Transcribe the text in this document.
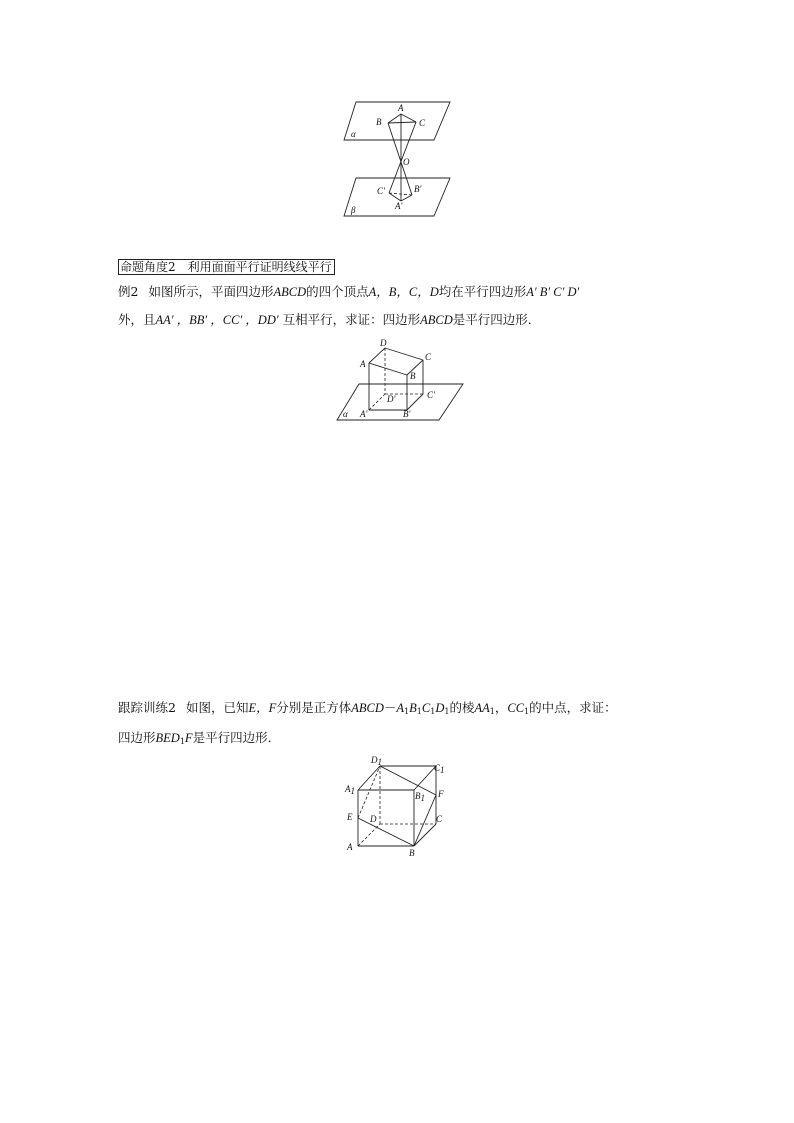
A
B	C
α
O
C′	B′
A′
β
命题角度2　利用面面平行证明线线平行
例2 如图所示，平面四边形ABCD的四个顶点A，B，C，D均在平行四边形A′ B′ C′ D′
外，且AA′ ，BB′ ，CC′ ，DD′ 互相平行，求证：四边形ABCD是平行四边形．
D
C
A
B
D′	C′
α A′	B′
跟踪训练2 如图，已知E，F分别是正方体$ABCD-A_1B_1C_1D_1$的棱$AA_1$，$CC_1$的中点，求证：
四边形$BED_1F$是平行四边形．
D1
C1
A1	B1 F
E D	C
A
B
